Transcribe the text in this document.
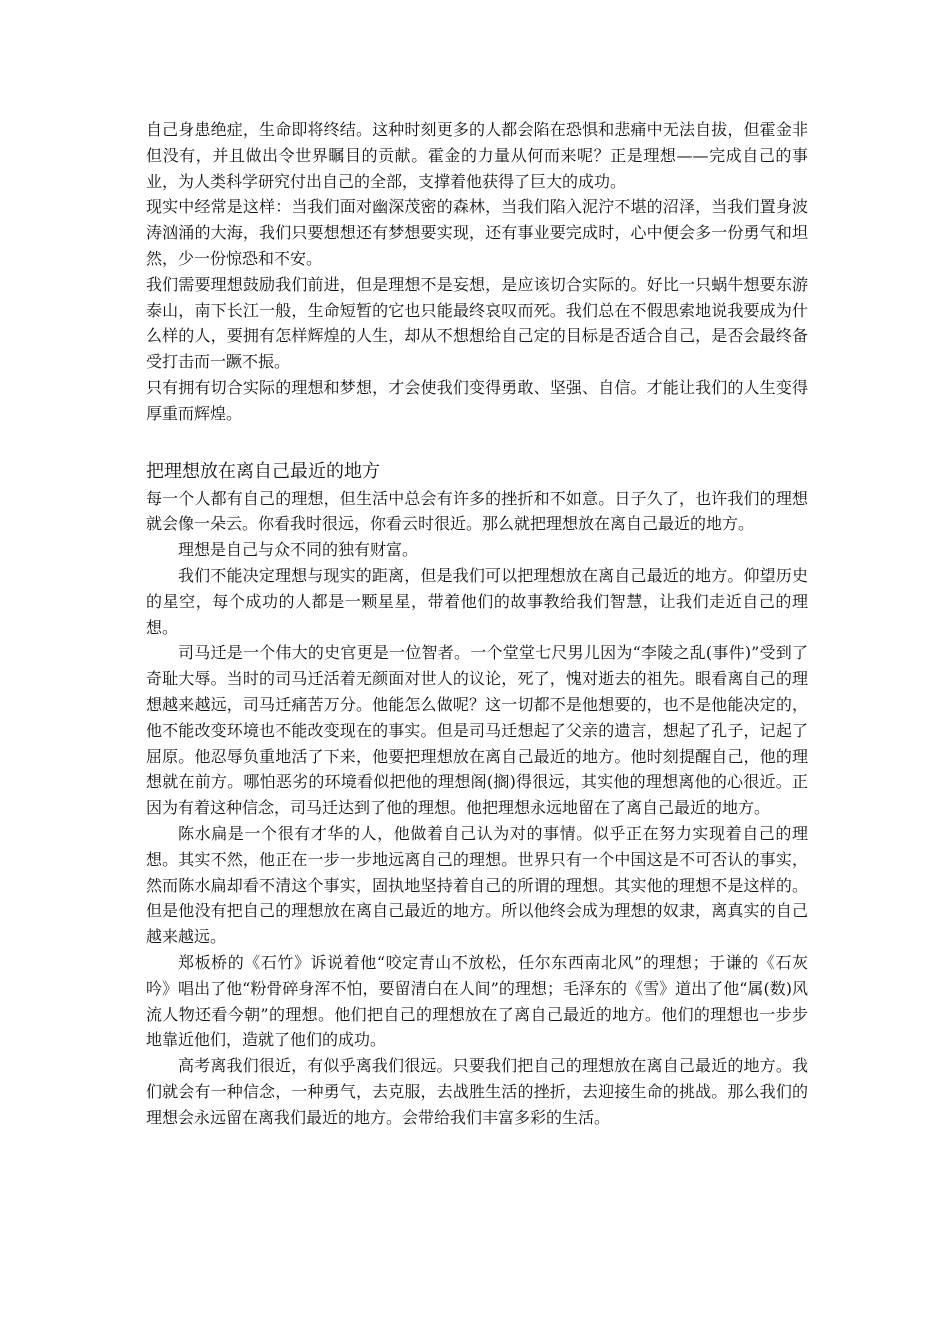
自己身患绝症，生命即将终结。这种时刻更多的人都会陷在恐惧和悲痛中无法自拔，但霍金非但没有，并且做出令世界瞩目的贡献。霍金的力量从何而来呢？正是理想——完成自己的事业，为人类科学研究付出自己的全部，支撑着他获得了巨大的成功。

现实中经常是这样：当我们面对幽深茂密的森林，当我们陷入泥泞不堪的沼泽，当我们置身波涛汹涌的大海，我们只要想想还有梦想要实现，还有事业要完成时，心中便会多一份勇气和坦然，少一份惊恐和不安。

我们需要理想鼓励我们前进，但是理想不是妄想，是应该切合实际的。好比一只蜗牛想要东游泰山，南下长江一般，生命短暂的它也只能最终哀叹而死。我们总在不假思索地说我要成为什么样的人，要拥有怎样辉煌的人生，却从不想想给自己定的目标是否适合自己，是否会最终备受打击而一蹶不振。

只有拥有切合实际的理想和梦想，才会使我们变得勇敢、坚强、自信。才能让我们的人生变得厚重而辉煌。

把理想放在离自己最近的地方

每一个人都有自己的理想，但生活中总会有许多的挫折和不如意。日子久了，也许我们的理想就会像一朵云。你看我时很远，你看云时很近。那么就把理想放在离自己最近的地方。

理想是自己与众不同的独有财富。

我们不能决定理想与现实的距离，但是我们可以把理想放在离自己最近的地方。仰望历史的星空，每个成功的人都是一颗星星，带着他们的故事教给我们智慧，让我们走近自己的理想。

司马迁是一个伟大的史官更是一位智者。一个堂堂七尺男儿因为“李陵之乱(事件)”受到了奇耻大辱。当时的司马迁活着无颜面对世人的议论，死了，愧对逝去的祖先。眼看离自己的理想越来越远，司马迁痛苦万分。他能怎么做呢？这一切都不是他想要的，也不是他能决定的，他不能改变环境也不能改变现在的事实。但是司马迁想起了父亲的遗言，想起了孔子，记起了屈原。他忍辱负重地活了下来，他要把理想放在离自己最近的地方。他时刻提醒自己，他的理想就在前方。哪怕恶劣的环境看似把他的理想阁(搁)得很远，其实他的理想离他的心很近。正因为有着这种信念，司马迁达到了他的理想。他把理想永远地留在了离自己最近的地方。

陈水扁是一个很有才华的人，他做着自己认为对的事情。似乎正在努力实现着自己的理想。其实不然，他正在一步一步地远离自己的理想。世界只有一个中国这是不可否认的事实，然而陈水扁却看不清这个事实，固执地坚持着自己的所谓的理想。其实他的理想不是这样的。但是他没有把自己的理想放在离自己最近的地方。所以他终会成为理想的奴隶，离真实的自己越来越远。

郑板桥的《石竹》诉说着他“咬定青山不放松，任尔东西南北风”的理想；于谦的《石灰吟》唱出了他“粉骨碎身浑不怕，要留清白在人间”的理想；毛泽东的《雪》道出了他“属(数)风流人物还看今朝”的理想。他们把自己的理想放在了离自己最近的地方。他们的理想也一步步地靠近他们，造就了他们的成功。

高考离我们很近，有似乎离我们很远。只要我们把自己的理想放在离自己最近的地方。我们就会有一种信念，一种勇气，去克服，去战胜生活的挫折，去迎接生命的挑战。那么我们的理想会永远留在离我们最近的地方。会带给我们丰富多彩的生活。
